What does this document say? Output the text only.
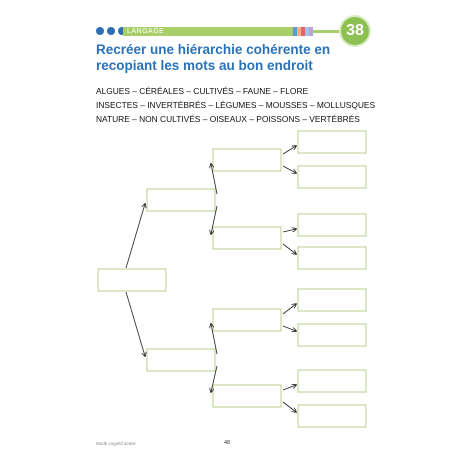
LANGAGE	38
Recréer une hiérarchie cohérente en recopiant les mots au bon endroit
ALGUES – CÉRÉALES – CULTIVÉS – FAUNE – FLORE
INSECTES – INVERTÉBRÉS – LÉGUMES – MOUSSES – MOLLUSQUES
NATURE – NON CULTIVÉS – OISEAUX – POISSONS – VERTÉBRÉS
Mode cognitif active	48
